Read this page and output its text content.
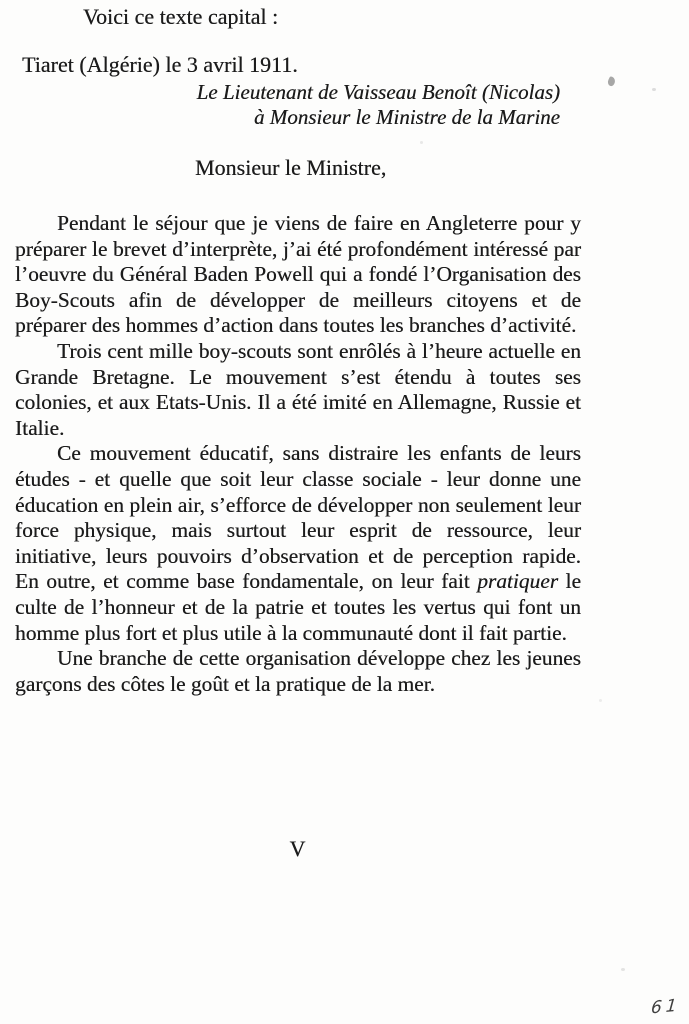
Voici ce texte capital :

Tiaret (Algérie) le 3 avril 1911.

Le Lieutenant de Vaisseau Benoît (Nicolas)

à Monsieur le Ministre de la Marine

Monsieur le Ministre,

Pendant le séjour que je viens de faire en Angleterre pour y préparer le brevet d’interprète, j’ai été profondément intéressé par l’oeuvre du Général Baden Powell qui a fondé l’Organisation des Boy-Scouts afin de développer de meilleurs citoyens et de préparer des hommes d’action dans toutes les branches d’activité.

Trois cent mille boy-scouts sont enrôlés à l’heure actuelle en Grande Bretagne. Le mouvement s’est étendu à toutes ses colonies, et aux Etats-Unis. Il a été imité en Allemagne, Russie et Italie.

Ce mouvement éducatif, sans distraire les enfants de leurs études - et quelle que soit leur classe sociale - leur donne une éducation en plein air, s’efforce de développer non seulement leur force physique, mais surtout leur esprit de ressource, leur initiative, leurs pouvoirs d’observation et de perception rapide. En outre, et comme base fondamentale, on leur fait pratiquer le culte de l’honneur et de la patrie et toutes les vertus qui font un homme plus fort et plus utile à la communauté dont il fait partie.

Une branche de cette organisation développe chez les jeunes garçons des côtes le goût et la pratique de la mer.

V
61
